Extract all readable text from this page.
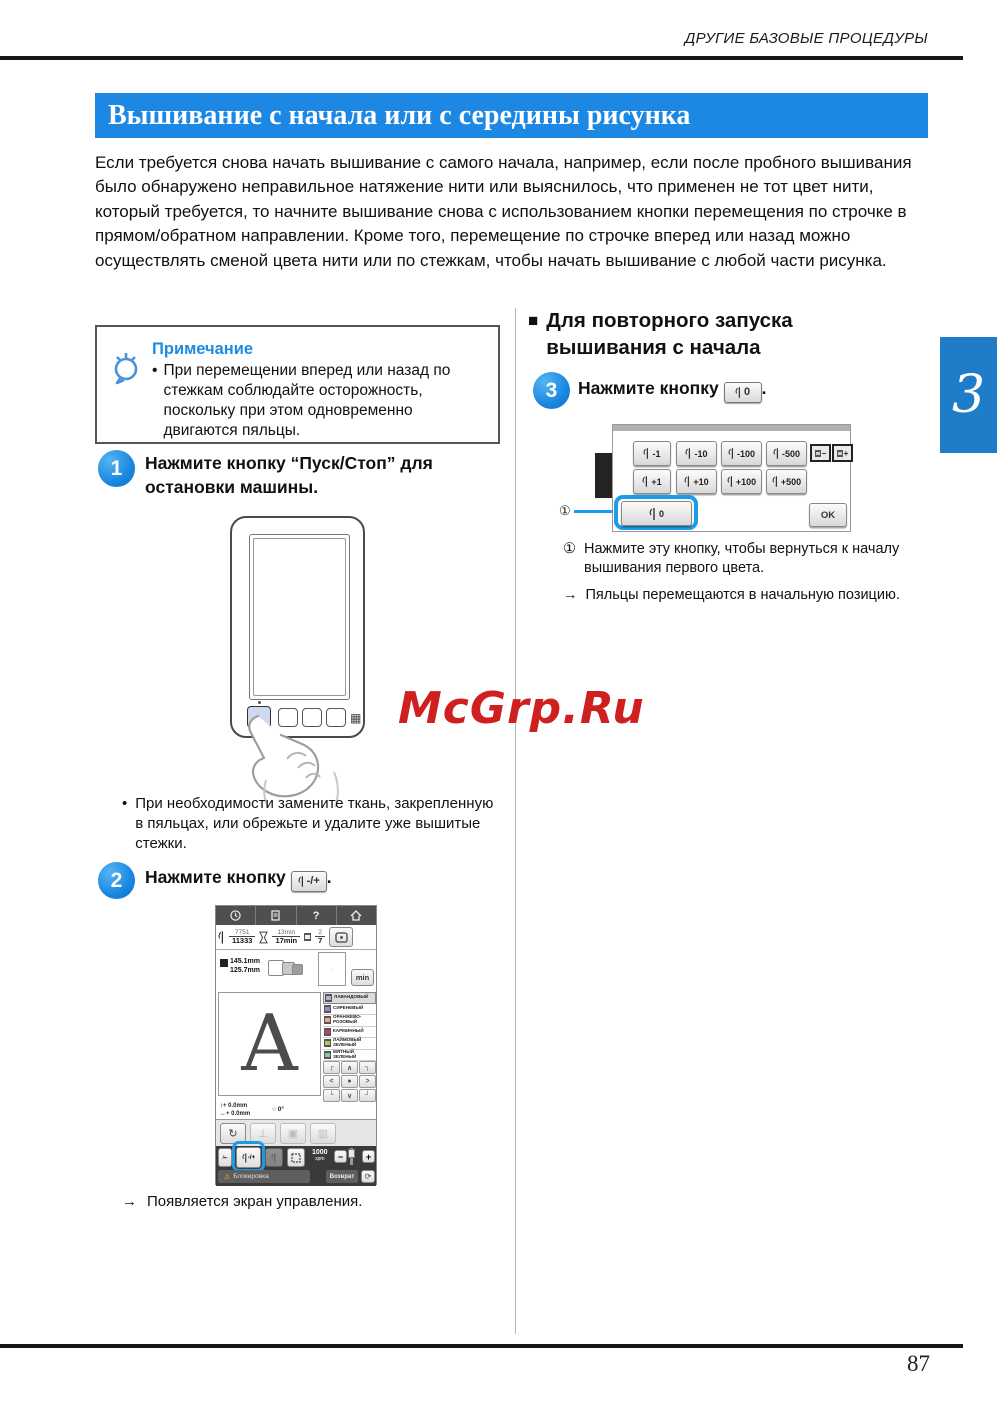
ДРУГИЕ БАЗОВЫЕ ПРОЦЕДУРЫ
Вышивание с начала или с середины рисунка
Если требуется снова начать вышивание с самого начала, например, если после пробного вышивания было обнаружено неправильное натяжение нити или выяснилось, что применен не тот цвет нити, который требуется, то начните вышивание снова с использованием кнопки перемещения по строчке в прямом/обратном направлении. Кроме того, перемещение по строчке вперед или назад можно осуществлять сменой цвета нити или по стежкам, чтобы начать вышивание с любой части рисунка.
Примечание
• При перемещении вперед или назад по стежкам соблюдайте осторожность, поскольку при этом одновременно двигаются пяльцы.
1	Нажмите кнопку “Пуск/Стоп” для остановки машины.
▦
• При необходимости замените ткань, закрепленную в пяльцах, или обрежьте и удалите уже вышитые стежки.
2	Нажмите кнопку -/+ .
?
$\frac{7751}{11333}$	$\frac{13\min}{17\min} \frac{2}{7}$
145.1mm
125.7mm	·
min
A
ЛАВАНДОВЫЙ
СИРЕНЕВЫЙ
ОРАНЖЕВО-РОЗОВЫЙ
КАРМИННЫЙ
ЛАЙМОВЫЙ ЗЕЛЕНЫЙ
МЯТНЫЙ ЗЕЛЕНЫЙ
┌	∧	┐
<	●	>
└	∨	┘
↕+ 0.0mm
↔+ 0.0mm
○ 0°
↻	⊥	▣	▥
✁	-/+
1000
spm	−	+
⚠ Блокировка	Возврат	⟳
→ Появляется экран управления.
■ Для повторного запуска
вышивания с начала
3	Нажмите кнопку 0 .
-1	-10	-100	-500	− +
+1	+10	+100	+500
0	OK
①
① Нажмите эту кнопку, чтобы вернуться к началу вышивания первого цвета.
→ Пяльцы перемещаются в начальную позицию.
3
McGrp.Ru
87
